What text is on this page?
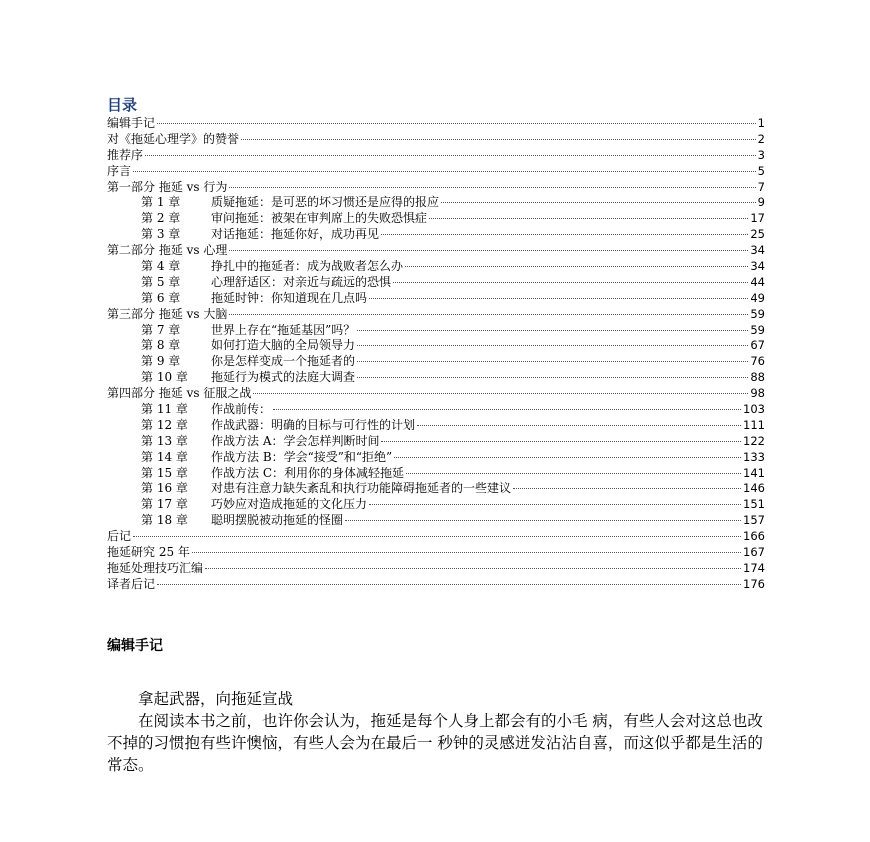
目录
编辑手记	1
对《拖延心理学》的赞誉	2
推荐序	3
序言	5
第一部分 拖延 vs 行为	7
第 1 章	质疑拖延：是可恶的坏习惯还是应得的报应	9
第 2 章	审问拖延：被架在审判席上的失败恐惧症	17
第 3 章	对话拖延：拖延你好，成功再见	25
第二部分 拖延 vs 心理	34
第 4 章	挣扎中的拖延者：成为战败者怎么办	34
第 5 章	心理舒适区：对亲近与疏远的恐惧	44
第 6 章	拖延时钟：你知道现在几点吗	49
第三部分 拖延 vs 大脑	59
第 7 章	世界上存在“拖延基因”吗？	59
第 8 章	如何打造大脑的全局领导力	67
第 9 章	你是怎样变成一个拖延者的	76
第 10 章 拖延行为模式的法庭大调查	88
第四部分 拖延 vs 征服之战	98
第 11 章 作战前传：	103
第 12 章 作战武器：明确的目标与可行性的计划	111
第 13 章 作战方法 A：学会怎样判断时间	122
第 14 章 作战方法 B：学会“接受”和“拒绝”	133
第 15 章 作战方法 C：利用你的身体减轻拖延	141
第 16 章 对患有注意力缺失紊乱和执行功能障碍拖延者的一些建议	146
第 17 章 巧妙应对造成拖延的文化压力	151
第 18 章 聪明摆脱被动拖延的怪圈	157
后记	166
拖延研究 25 年	167
拖延处理技巧汇编	174
译者后记	176
编辑手记

拿起武器，向拖延宣战

在阅读本书之前，也许你会认为，拖延是每个人身上都会有的小毛 病，有些人会对这总也改不掉的习惯抱有些许懊恼，有些人会为在最后一 秒钟的灵感迸发沾沾自喜，而这似乎都是生活的常态。
